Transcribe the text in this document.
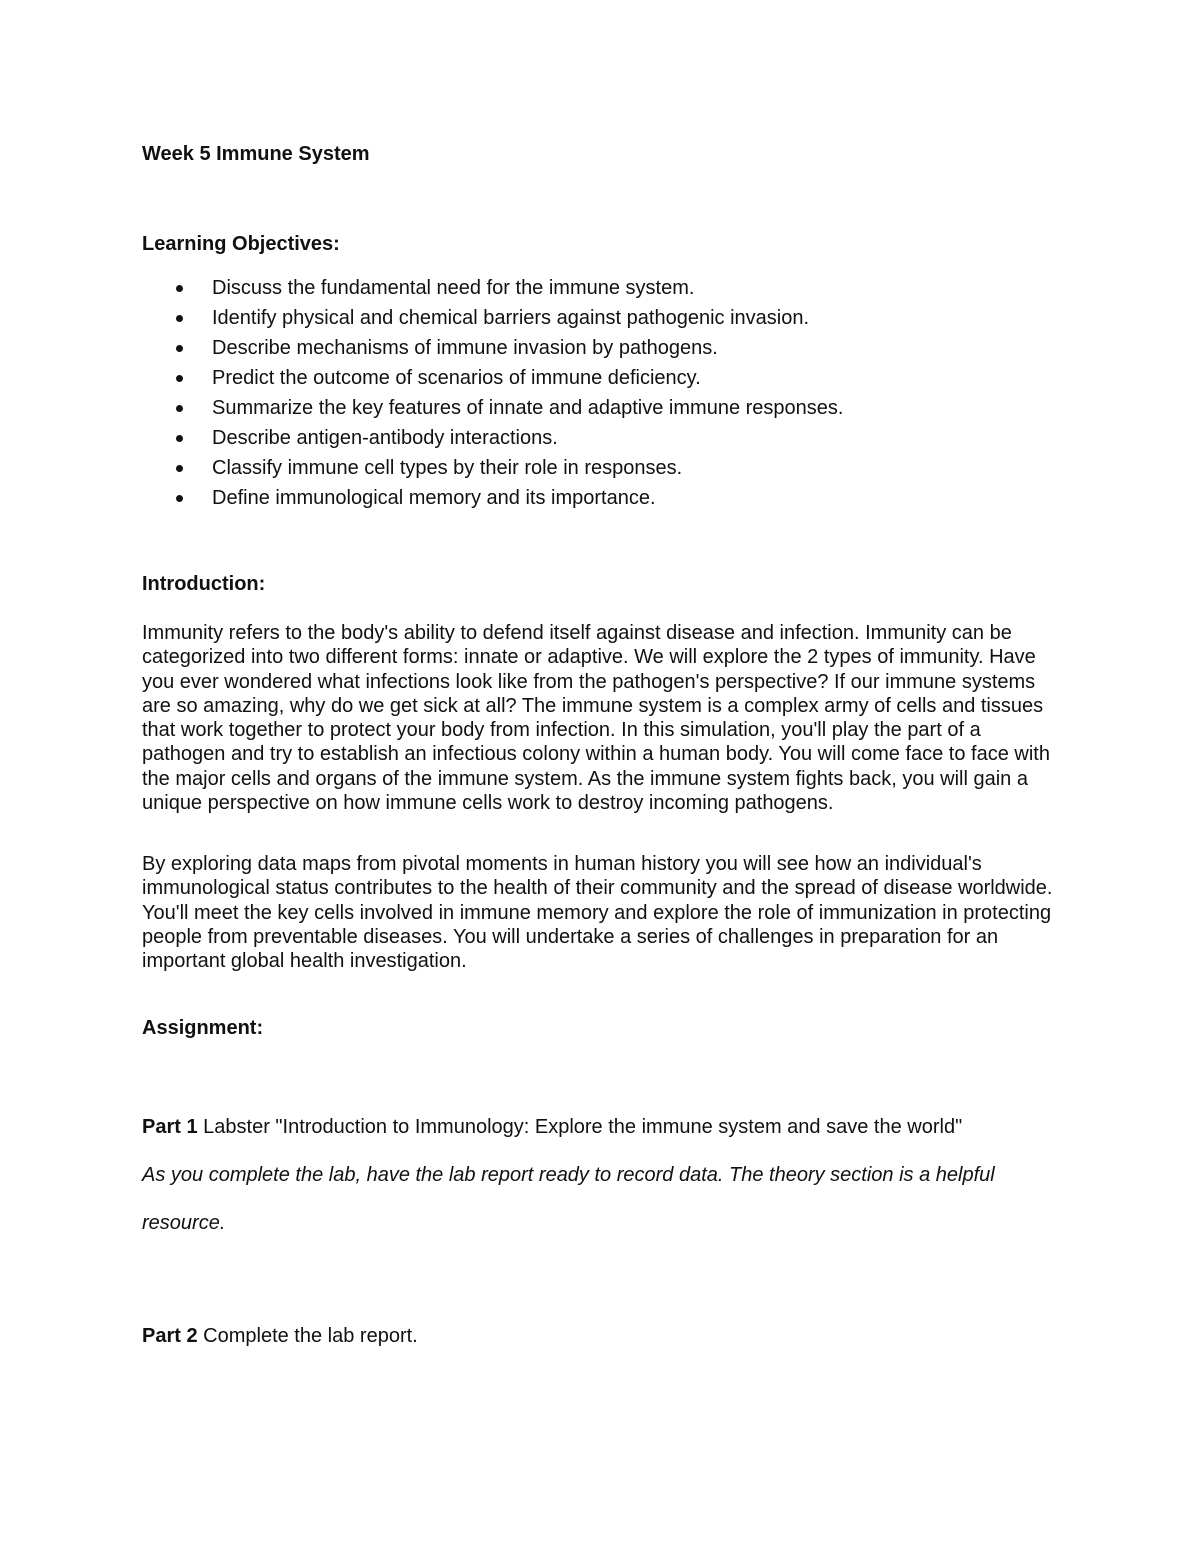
Week 5 Immune System
Learning Objectives:
Discuss the fundamental need for the immune system.
Identify physical and chemical barriers against pathogenic invasion.
Describe mechanisms of immune invasion by pathogens.
Predict the outcome of scenarios of immune deficiency.
Summarize the key features of innate and adaptive immune responses.
Describe antigen-antibody interactions.
Classify immune cell types by their role in responses.
Define immunological memory and its importance.
Introduction:

Immunity refers to the body's ability to defend itself against disease and infection. Immunity can be categorized into two different forms: innate or adaptive. We will explore the 2 types of immunity. Have you ever wondered what infections look like from the pathogen's perspective? If our immune systems are so amazing, why do we get sick at all? The immune system is a complex army of cells and tissues that work together to protect your body from infection. In this simulation, you'll play the part of a pathogen and try to establish an infectious colony within a human body. You will come face to face with the major cells and organs of the immune system. As the immune system fights back, you will gain a unique perspective on how immune cells work to destroy incoming pathogens.

By exploring data maps from pivotal moments in human history you will see how an individual's immunological status contributes to the health of their community and the spread of disease worldwide. You'll meet the key cells involved in immune memory and explore the role of immunization in protecting people from preventable diseases. You will undertake a series of challenges in preparation for an important global health investigation.

Assignment:

Part 1 Labster "Introduction to Immunology: Explore the immune system and save the world"

As you complete the lab, have the lab report ready to record data. The theory section is a helpful resource.

Part 2 Complete the lab report.
